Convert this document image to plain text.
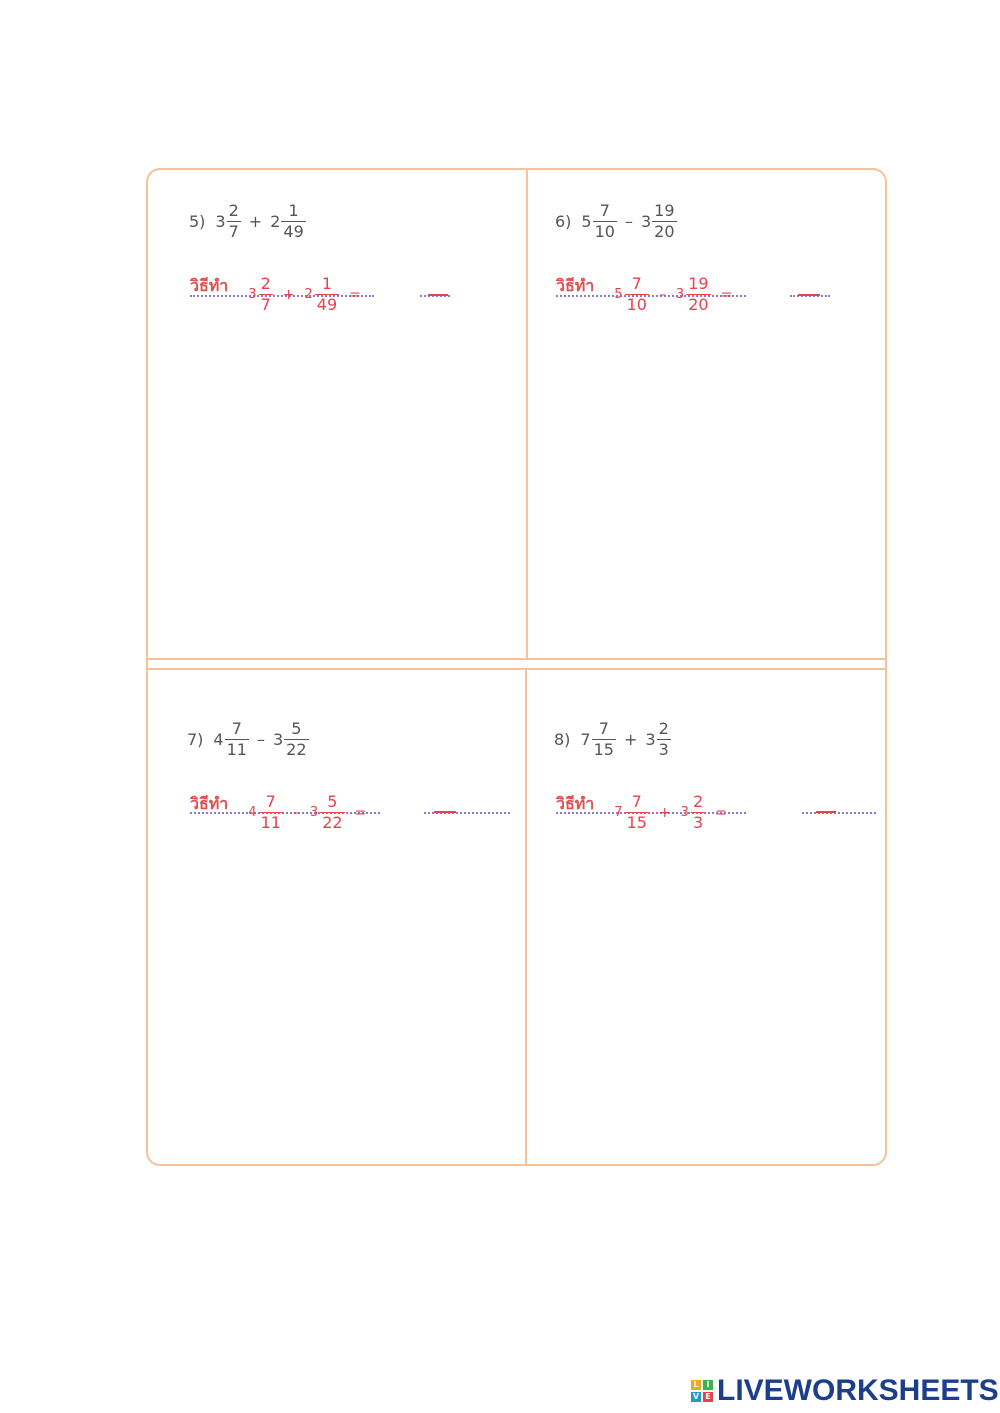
5) $3 \frac{2}{7} + 2 \frac{1}{49}$
วิธีทำ $3 \frac{2}{7} + 2 \frac{1}{49}$ =
6) $5 \frac{7}{10} - 3 \frac{19}{20}$
วิธีทำ $5 \frac{7}{10} - 3 \frac{19}{20}$ =
7) $4 \frac{7}{11} - 3 \frac{5}{22}$
วิธีทำ $4 \frac{7}{11} - 3 \frac{5}{22}$ =
8) $7 \frac{7}{15} + 3 \frac{2}{3}$
วิธีทำ $7 \frac{7}{15} + 3 \frac{2}{3}$ =
L I
V E LIVEWORKSHEETS
